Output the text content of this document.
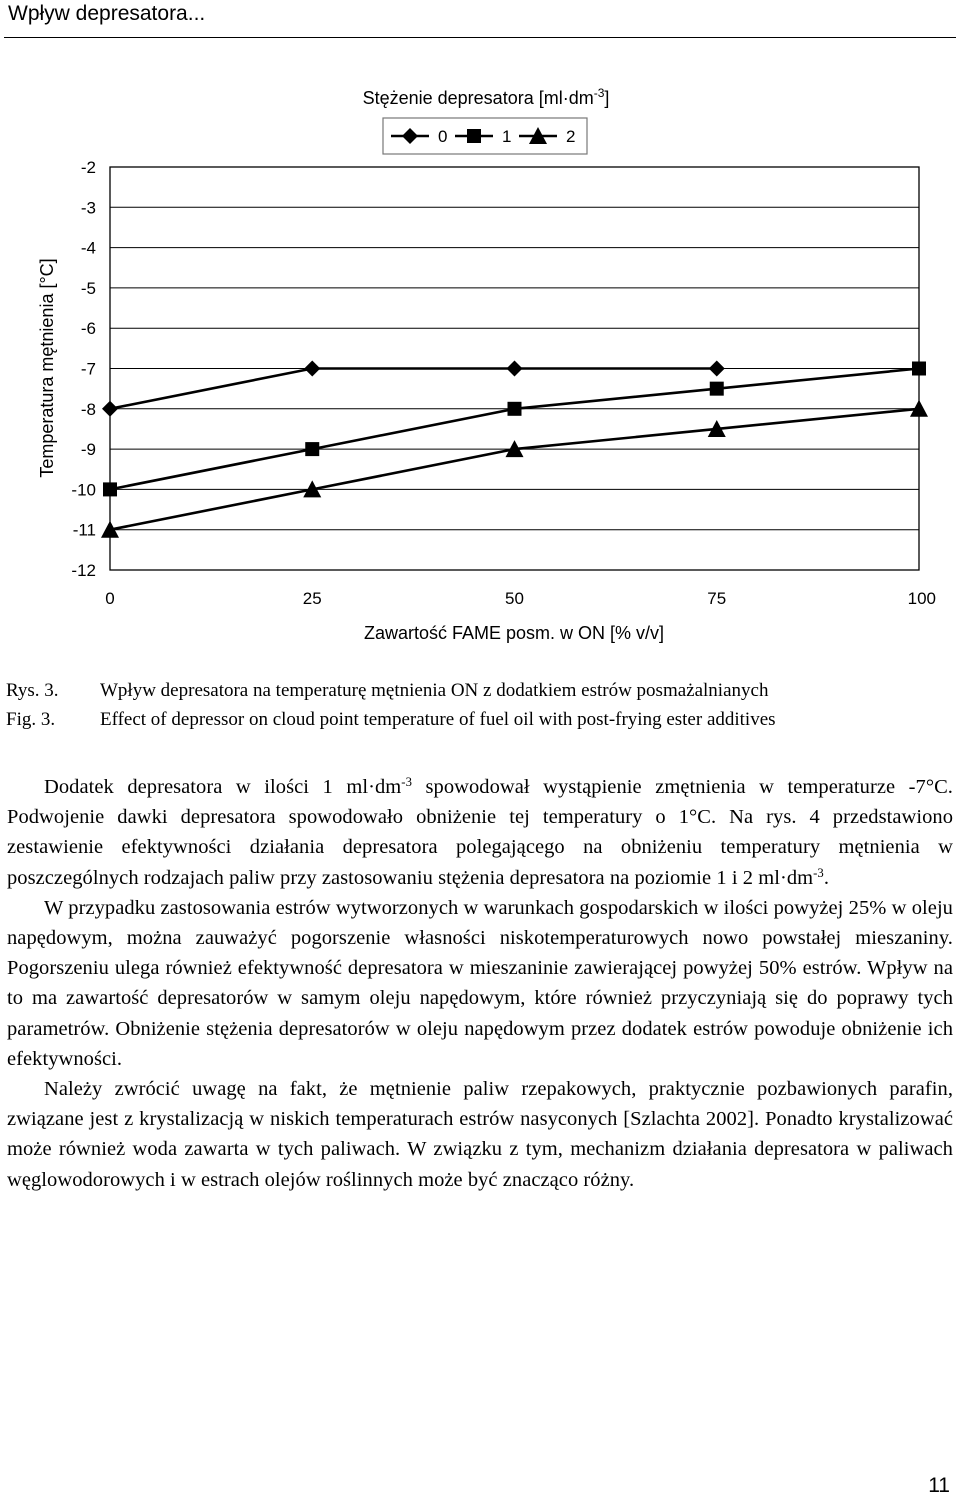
Wpływ depresatora...
Stężenie depresatora $[ml\cdot dm^{-3}]$
0	1	2
-2
-3
-4
-5
-6
-7
-8
-9
-10
-11
-12
0	25	50	75	100
Temperatura mętnienia [°C]
Zawartość FAME posm. w ON [% v/v]
Rys. 3.	Wpływ depresatora na temperaturę mętnienia ON z dodatkiem estrów posmażalnianych
Fig. 3.	Effect of depressor on cloud point temperature of fuel oil with post-frying ester additives

Dodatek depresatora w ilości 1 $ml\cdot dm^{-3}$ spowodował wystąpienie zmętnienia w temperaturze -7°C. Podwojenie dawki depresatora spowodowało obniżenie tej temperatury o 1°C. Na rys. 4 przedstawiono zestawienie efektywności działania depresatora polegającego na obniżeniu temperatury mętnienia w poszczególnych rodzajach paliw przy zastosowaniu stężenia depresatora na poziomie 1 i 2 $ml\cdot dm^{-3}$.

W przypadku zastosowania estrów wytworzonych w warunkach gospodarskich w ilości powyżej 25% w oleju napędowym, można zauważyć pogorszenie własności niskotemperaturowych nowo powstałej mieszaniny. Pogorszeniu ulega również efektywność depresatora w mieszaninie zawierającej powyżej 50% estrów. Wpływ na to ma zawartość depresatorów w samym oleju napędowym, które również przyczyniają się do poprawy tych parametrów. Obniżenie stężenia depresatorów w oleju napędowym przez dodatek estrów powoduje obniżenie ich efektywności.

Należy zwrócić uwagę na fakt, że mętnienie paliw rzepakowych, praktycznie pozbawionych parafin, związane jest z krystalizacją w niskich temperaturach estrów nasyconych [Szlachta 2002]. Ponadto krystalizować może również woda zawarta w tych paliwach. W związku z tym, mechanizm działania depresatora w paliwach węglowodorowych i w estrach olejów roślinnych może być znacząco różny.

11
